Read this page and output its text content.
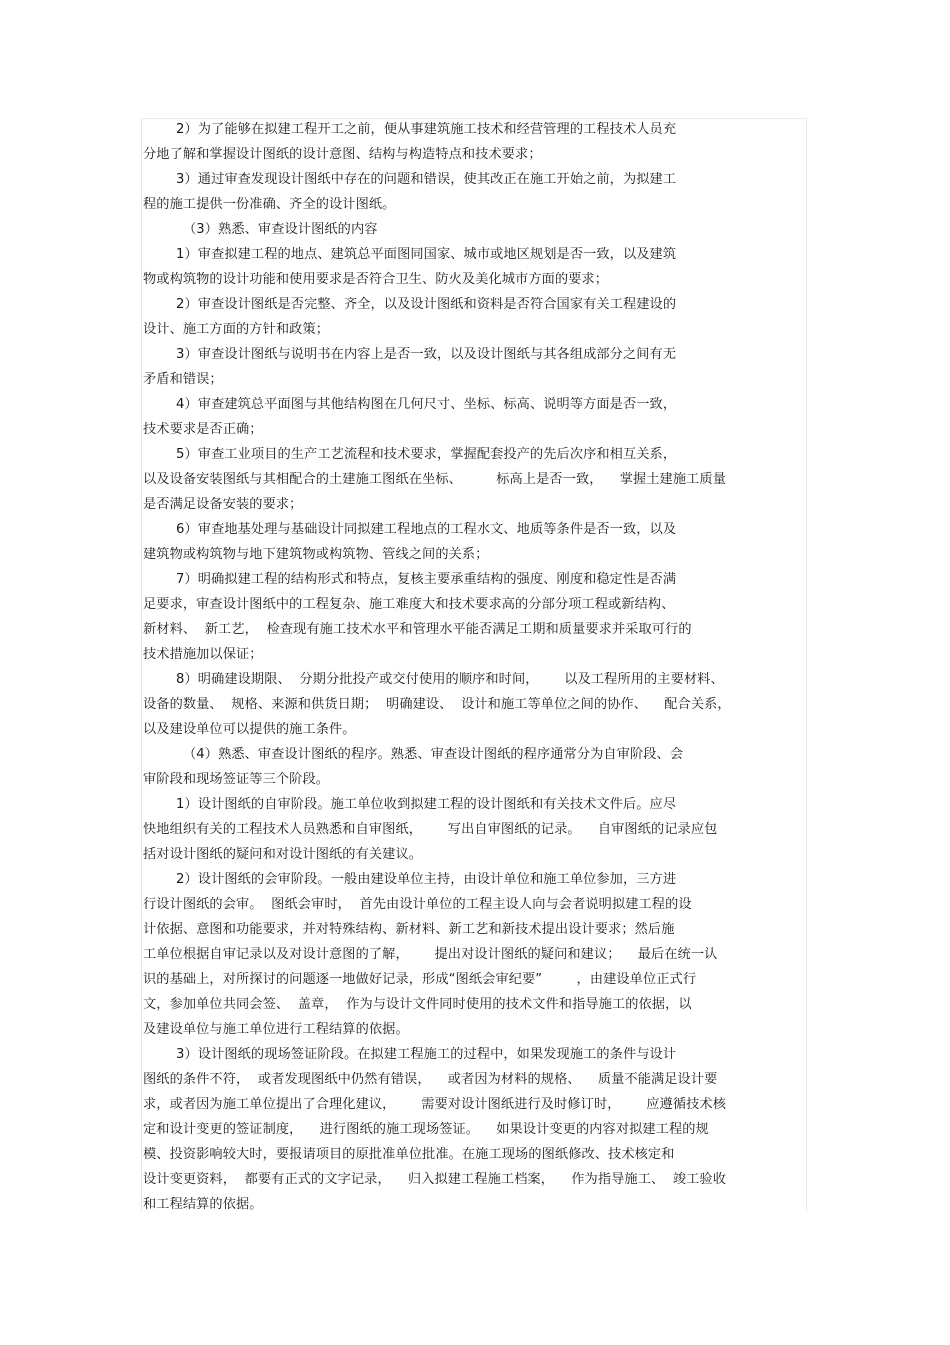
2）为了能够在拟建工程开工之前，便从事建筑施工技术和经营管理的工程技术人员充
分地了解和掌握设计图纸的设计意图、结构与构造特点和技术要求；
3）通过审查发现设计图纸中存在的问题和错误，使其改正在施工开始之前，为拟建工
程的施工提供一份准确、齐全的设计图纸。
（3）熟悉、审查设计图纸的内容
1）审查拟建工程的地点、建筑总平面图同国家、城市或地区规划是否一致，以及建筑
物或构筑物的设计功能和使用要求是否符合卫生、防火及美化城市方面的要求；
2）审查设计图纸是否完整、齐全，以及设计图纸和资料是否符合国家有关工程建设的
设计、施工方面的方针和政策；
3）审查设计图纸与说明书在内容上是否一致，以及设计图纸与其各组成部分之间有无
矛盾和错误；
4）审查建筑总平面图与其他结构图在几何尺寸、坐标、标高、说明等方面是否一致，
技术要求是否正确；
5）审查工业项目的生产工艺流程和技术要求，掌握配套投产的先后次序和相互关系，
以及设备安装图纸与其相配合的土建施工图纸在坐标、        标高上是否一致，    掌握土建施工质量
是否满足设备安装的要求；
6）审查地基处理与基础设计同拟建工程地点的工程水文、地质等条件是否一致，以及
建筑物或构筑物与地下建筑物或构筑物、管线之间的关系；
7）明确拟建工程的结构形式和特点，复核主要承重结构的强度、刚度和稳定性是否满
足要求，审查设计图纸中的工程复杂、施工难度大和技术要求高的分部分项工程或新结构、
新材料、  新工艺，  检查现有施工技术水平和管理水平能否满足工期和质量要求并采取可行的
技术措施加以保证；
8）明确建设期限、  分期分批投产或交付使用的顺序和时间，      以及工程所用的主要材料、
设备的数量、  规格、来源和供货日期；  明确建设、  设计和施工等单位之间的协作、    配合关系，
以及建设单位可以提供的施工条件。
（4）熟悉、审查设计图纸的程序。熟悉、审查设计图纸的程序通常分为自审阶段、会
审阶段和现场签证等三个阶段。
1）设计图纸的自审阶段。施工单位收到拟建工程的设计图纸和有关技术文件后。应尽
快地组织有关的工程技术人员熟悉和自审图纸，      写出自审图纸的记录。    自审图纸的记录应包
括对设计图纸的疑问和对设计图纸的有关建议。
2）设计图纸的会审阶段。一般由建设单位主持，由设计单位和施工单位参加，三方进
行设计图纸的会审。  图纸会审时，  首先由设计单位的工程主设人向与会者说明拟建工程的设
计依据、意图和功能要求，并对特殊结构、新材料、新工艺和新技术提出设计要求；然后施
工单位根据自审记录以及对设计意图的了解，      提出对设计图纸的疑问和建议；    最后在统一认
识的基础上，对所探讨的问题逐一地做好记录，形成“图纸会审纪要”        ，由建设单位正式行
文，参加单位共同会签、  盖章，  作为与设计文件同时使用的技术文件和指导施工的依据，以
及建设单位与施工单位进行工程结算的依据。
3）设计图纸的现场签证阶段。在拟建工程施工的过程中，如果发现施工的条件与设计
图纸的条件不符，  或者发现图纸中仍然有错误，    或者因为材料的规格、    质量不能满足设计要
求，或者因为施工单位提出了合理化建议，      需要对设计图纸进行及时修订时，      应遵循技术核
定和设计变更的签证制度，    进行图纸的施工现场签证。    如果设计变更的内容对拟建工程的规
模、投资影响较大时，要报请项目的原批准单位批准。在施工现场的图纸修改、技术核定和
设计变更资料，  都要有正式的文字记录，    归入拟建工程施工档案，    作为指导施工、  竣工验收
和工程结算的依据。
